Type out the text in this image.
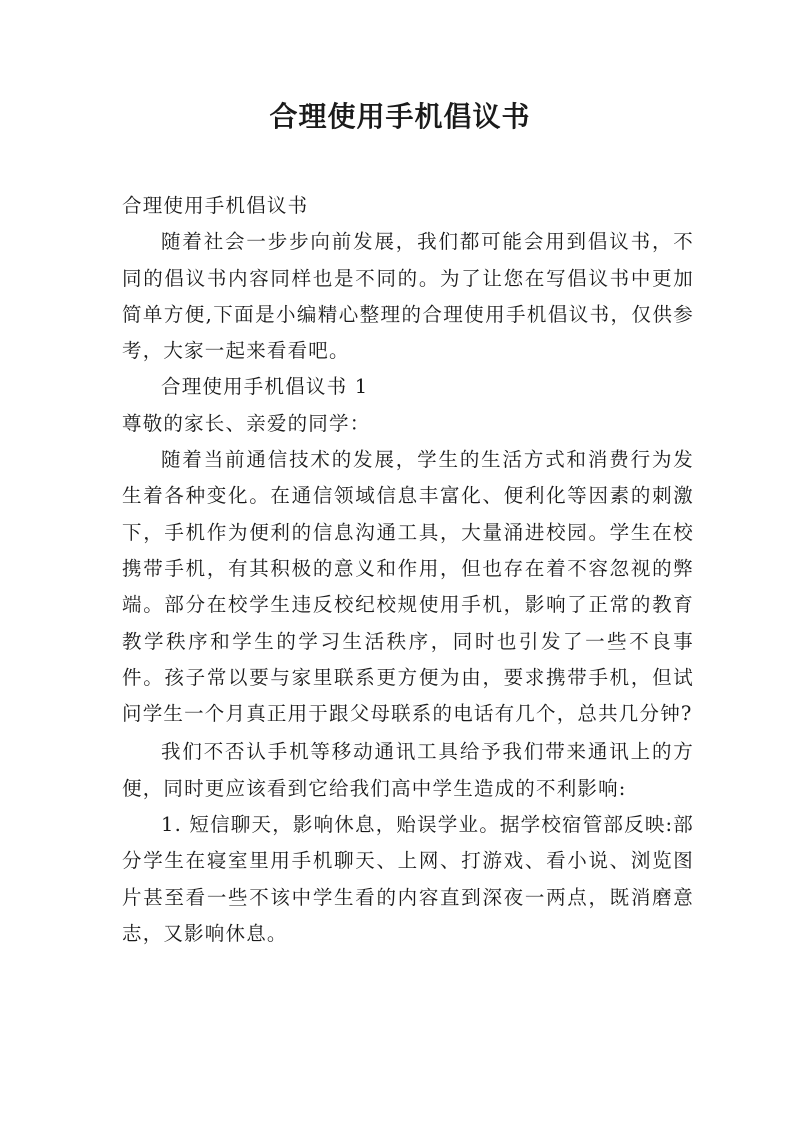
合理使用手机倡议书

合理使用手机倡议书

随着社会一步步向前发展，我们都可能会用到倡议书，不同的倡议书内容同样也是不同的。为了让您在写倡议书中更加简单方便,下面是小编精心整理的合理使用手机倡议书，仅供参考，大家一起来看看吧。

合理使用手机倡议书 1

尊敬的家长、亲爱的同学：

随着当前通信技术的发展，学生的生活方式和消费行为发生着各种变化。在通信领域信息丰富化、便利化等因素的刺激下，手机作为便利的信息沟通工具，大量涌进校园。学生在校携带手机，有其积极的意义和作用，但也存在着不容忽视的弊端。部分在校学生违反校纪校规使用手机，影响了正常的教育教学秩序和学生的学习生活秩序，同时也引发了一些不良事件。孩子常以要与家里联系更方便为由，要求携带手机，但试问学生一个月真正用于跟父母联系的电话有几个，总共几分钟?

我们不否认手机等移动通讯工具给予我们带来通讯上的方便，同时更应该看到它给我们高中学生造成的不利影响:

1. 短信聊天，影响休息，贻误学业。据学校宿管部反映:部分学生在寝室里用手机聊天、上网、打游戏、看小说、浏览图片甚至看一些不该中学生看的内容直到深夜一两点，既消磨意志，又影响休息。
